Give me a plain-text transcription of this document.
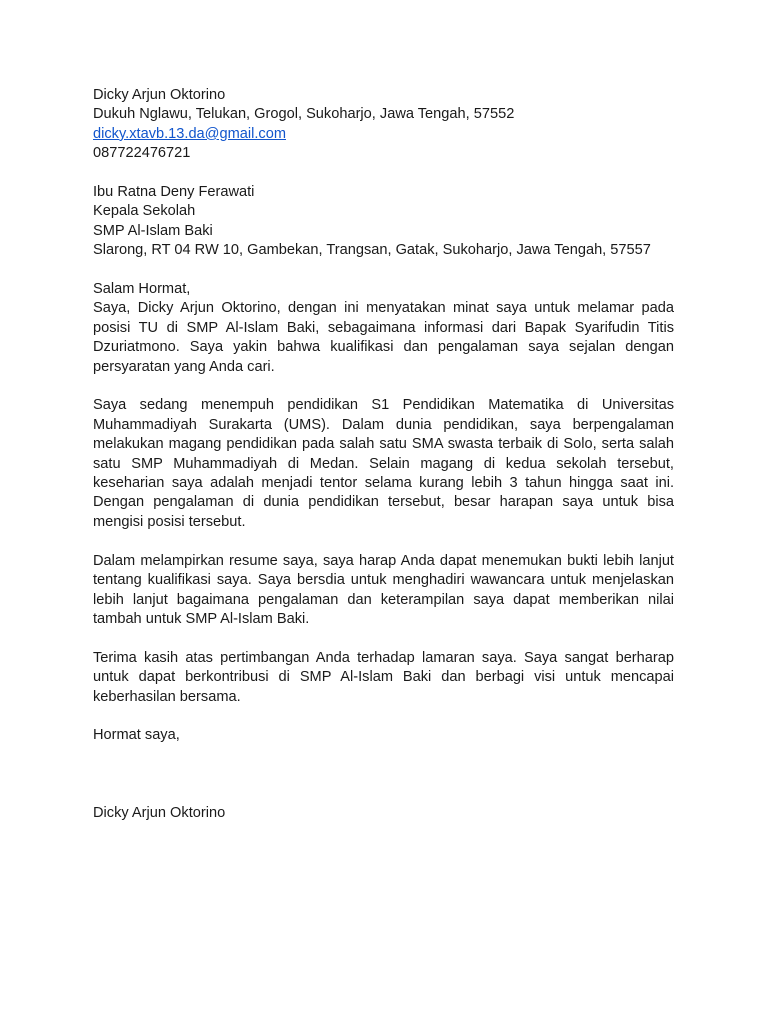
Dicky Arjun Oktorino
Dukuh Nglawu, Telukan, Grogol, Sukoharjo, Jawa Tengah, 57552
dicky.xtavb.13.da@gmail.com
087722476721
Ibu Ratna Deny Ferawati
Kepala Sekolah
SMP Al-Islam Baki
Slarong, RT 04 RW 10, Gambekan, Trangsan, Gatak, Sukoharjo, Jawa Tengah, 57557
Salam Hormat,
Saya, Dicky Arjun Oktorino, dengan ini menyatakan minat saya untuk melamar pada posisi TU di SMP Al-Islam Baki, sebagaimana informasi dari Bapak Syarifudin Titis Dzuriatmono. Saya yakin bahwa kualifikasi dan pengalaman saya sejalan dengan persyaratan yang Anda cari.
Saya sedang menempuh pendidikan S1 Pendidikan Matematika di Universitas Muhammadiyah Surakarta (UMS). Dalam dunia pendidikan, saya berpengalaman melakukan magang pendidikan pada salah satu SMA swasta terbaik di Solo, serta salah satu SMP Muhammadiyah di Medan. Selain magang di kedua sekolah tersebut, keseharian saya adalah menjadi tentor selama kurang lebih 3 tahun hingga saat ini. Dengan pengalaman di dunia pendidikan tersebut, besar harapan saya untuk bisa mengisi posisi tersebut.
Dalam melampirkan resume saya, saya harap Anda dapat menemukan bukti lebih lanjut tentang kualifikasi saya. Saya bersdia untuk menghadiri wawancara untuk menjelaskan lebih lanjut bagaimana pengalaman dan keterampilan saya dapat memberikan nilai tambah untuk SMP Al-Islam Baki.
Terima kasih atas pertimbangan Anda terhadap lamaran saya. Saya sangat berharap untuk dapat berkontribusi di SMP Al-Islam Baki dan berbagi visi untuk mencapai keberhasilan bersama.
Hormat saya,
Dicky Arjun Oktorino
